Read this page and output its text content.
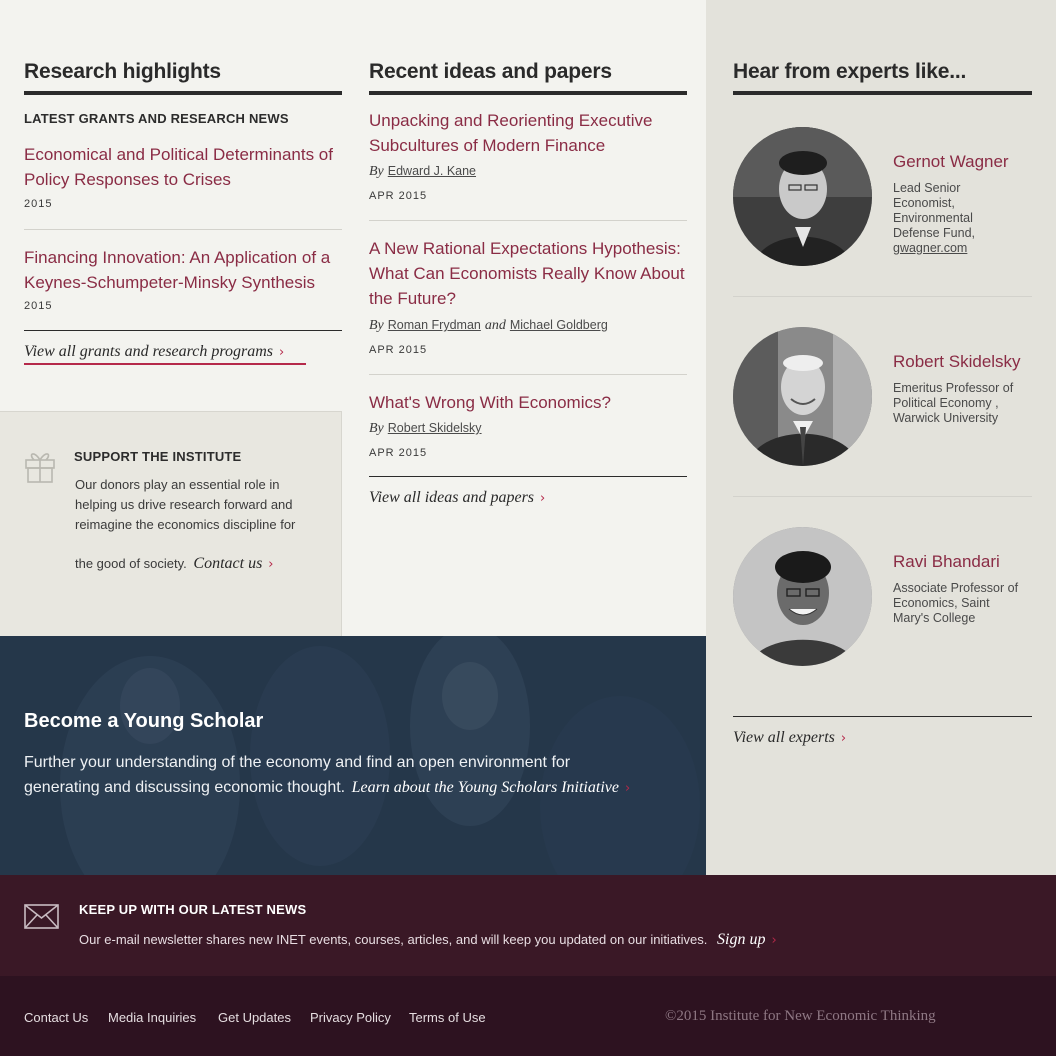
Research highlights
LATEST GRANTS AND RESEARCH NEWS
Economical and Political Determinants of
Policy Responses to Crises
2015
Financing Innovation: An Application of a
Keynes-Schumpeter-Minsky Synthesis
2015
View all grants and research programs ›
SUPPORT THE INSTITUTE
Our donors play an essential role in
helping us drive research forward and
reimagine the economics discipline for
the good of society. Contact us ›
Recent ideas and papers
Unpacking and Reorienting Executive
Subcultures of Modern Finance
By Edward J. Kane
APR 2015
A New Rational Expectations Hypothesis:
What Can Economists Really Know About
the Future?
By Roman Frydman and Michael Goldberg
APR 2015
What's Wrong With Economics?
By Robert Skidelsky
APR 2015
View all ideas and papers ›
Hear from experts like...
Gernot Wagner
Lead Senior
Economist,
Environmental
Defense Fund,
gwagner.com
Robert Skidelsky
Emeritus Professor of
Political Economy ,
Warwick University
Ravi Bhandari
Associate Professor of
Economics, Saint
Mary's College
View all experts ›
Become a Young Scholar
Further your understanding of the economy and find an open environment for
generating and discussing economic thought. Learn about the Young Scholars Initiative ›
KEEP UP WITH OUR LATEST NEWS
Our e-mail newsletter shares new INET events, courses, articles, and will keep you updated on our initiatives. Sign up ›
Contact Us Media Inquiries Get Updates Privacy Policy Terms of Use	©2015 Institute for New Economic Thinking
